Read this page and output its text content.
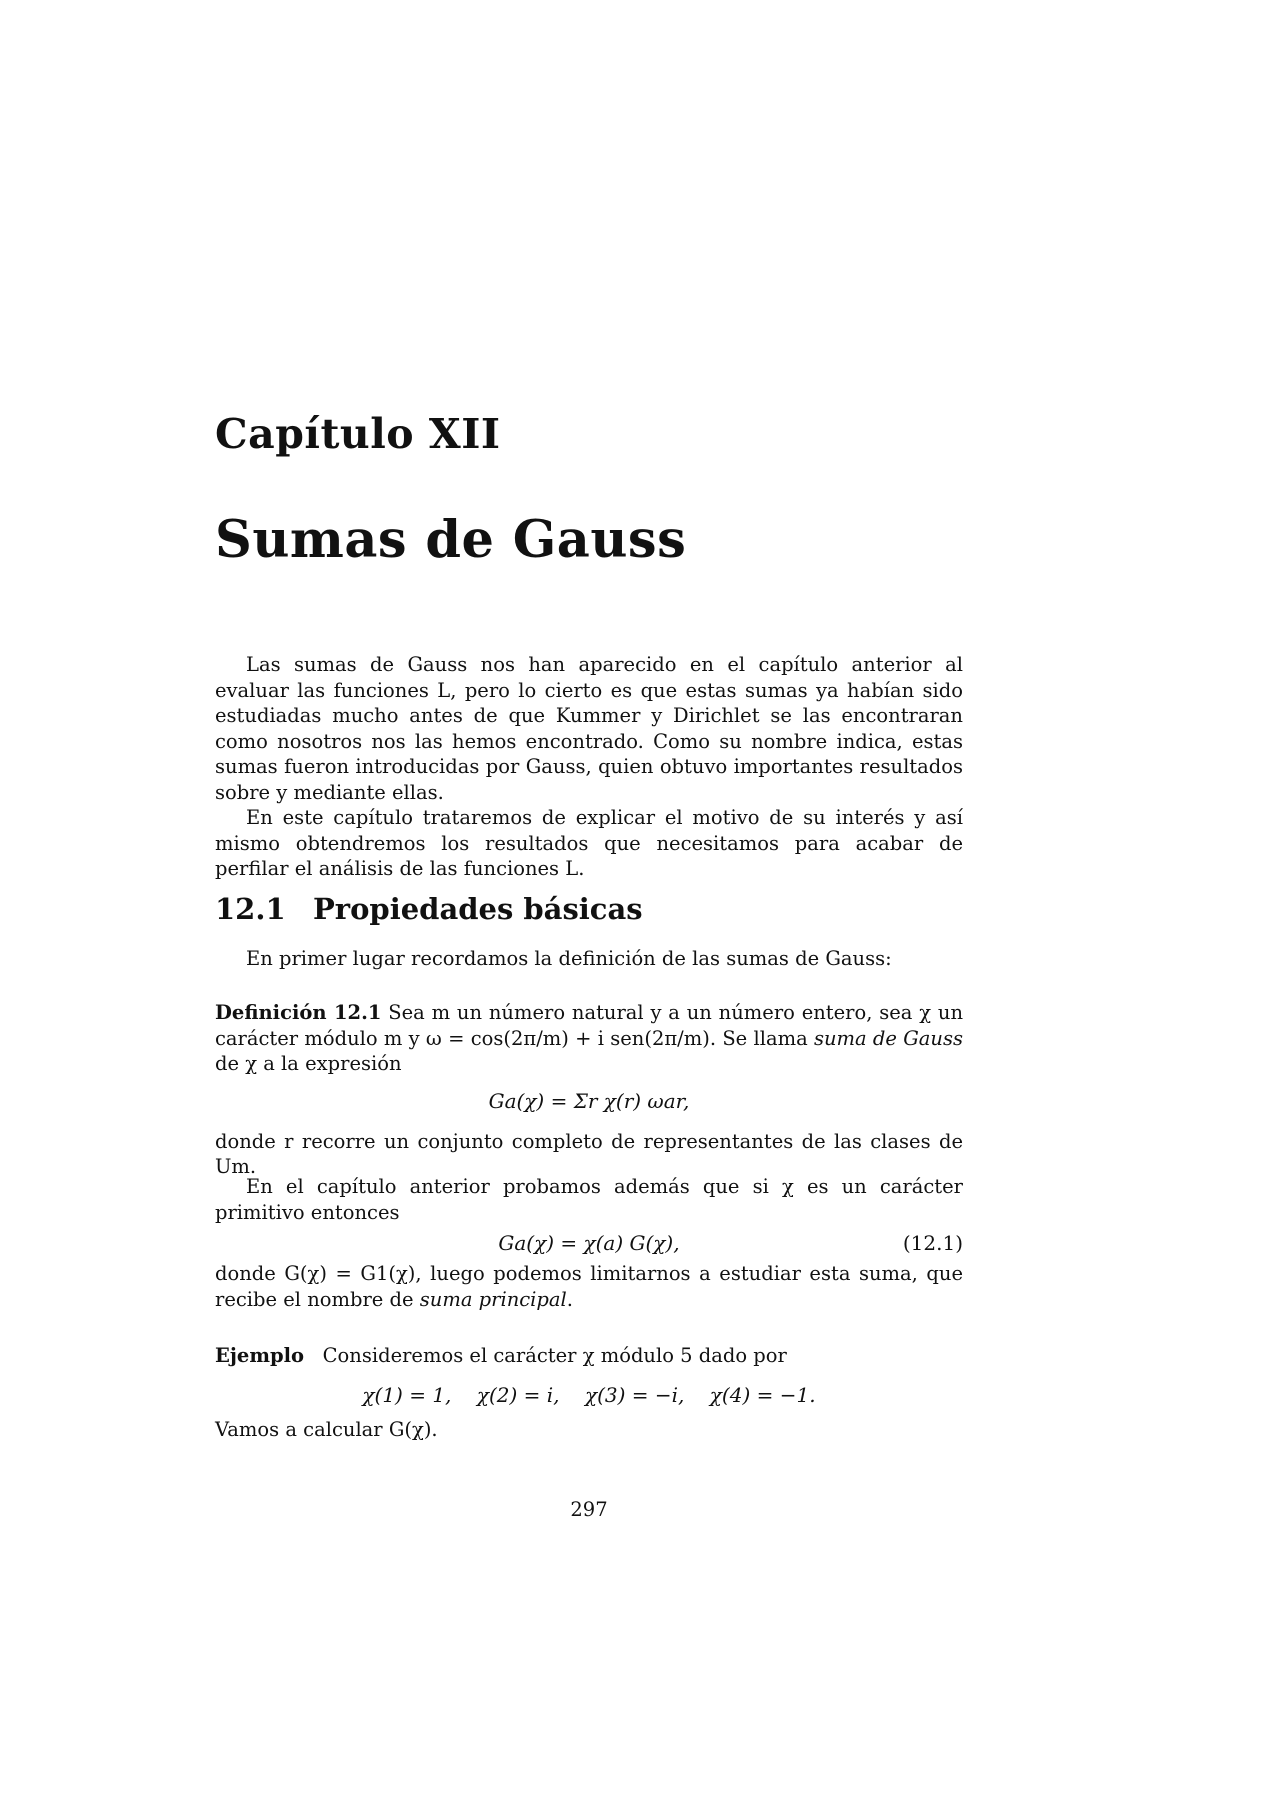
Capítulo XII
Sumas de Gauss

Las sumas de Gauss nos han aparecido en el capítulo anterior al evaluar las funciones L, pero lo cierto es que estas sumas ya habían sido estudiadas mucho antes de que Kummer y Dirichlet se las encontraran como nosotros nos las hemos encontrado. Como su nombre indica, estas sumas fueron introducidas por Gauss, quien obtuvo importantes resultados sobre y mediante ellas.

En este capítulo trataremos de explicar el motivo de su interés y así mismo obtendremos los resultados que necesitamos para acabar de perfilar el análisis de las funciones L.

12.1 Propiedades básicas

En primer lugar recordamos la definición de las sumas de Gauss:

Definición 12.1 Sea m un número natural y a un número entero, sea χ un carácter módulo m y ω = cos(2π/m) + i sen(2π/m). Se llama suma de Gauss de χ a la expresión

Ga(χ) = Σr χ(r) ωar,

donde r recorre un conjunto completo de representantes de las clases de Um.

En el capítulo anterior probamos además que si χ es un carácter primitivo entonces

Ga(χ) = χ(a) G(χ),	(12.1)

donde G(χ) = G1(χ), luego podemos limitarnos a estudiar esta suma, que recibe el nombre de suma principal.

Ejemplo Consideremos el carácter χ módulo 5 dado por

χ(1) = 1,    χ(2) = i,    χ(3) = −i,    χ(4) = −1.

Vamos a calcular G(χ).

297
